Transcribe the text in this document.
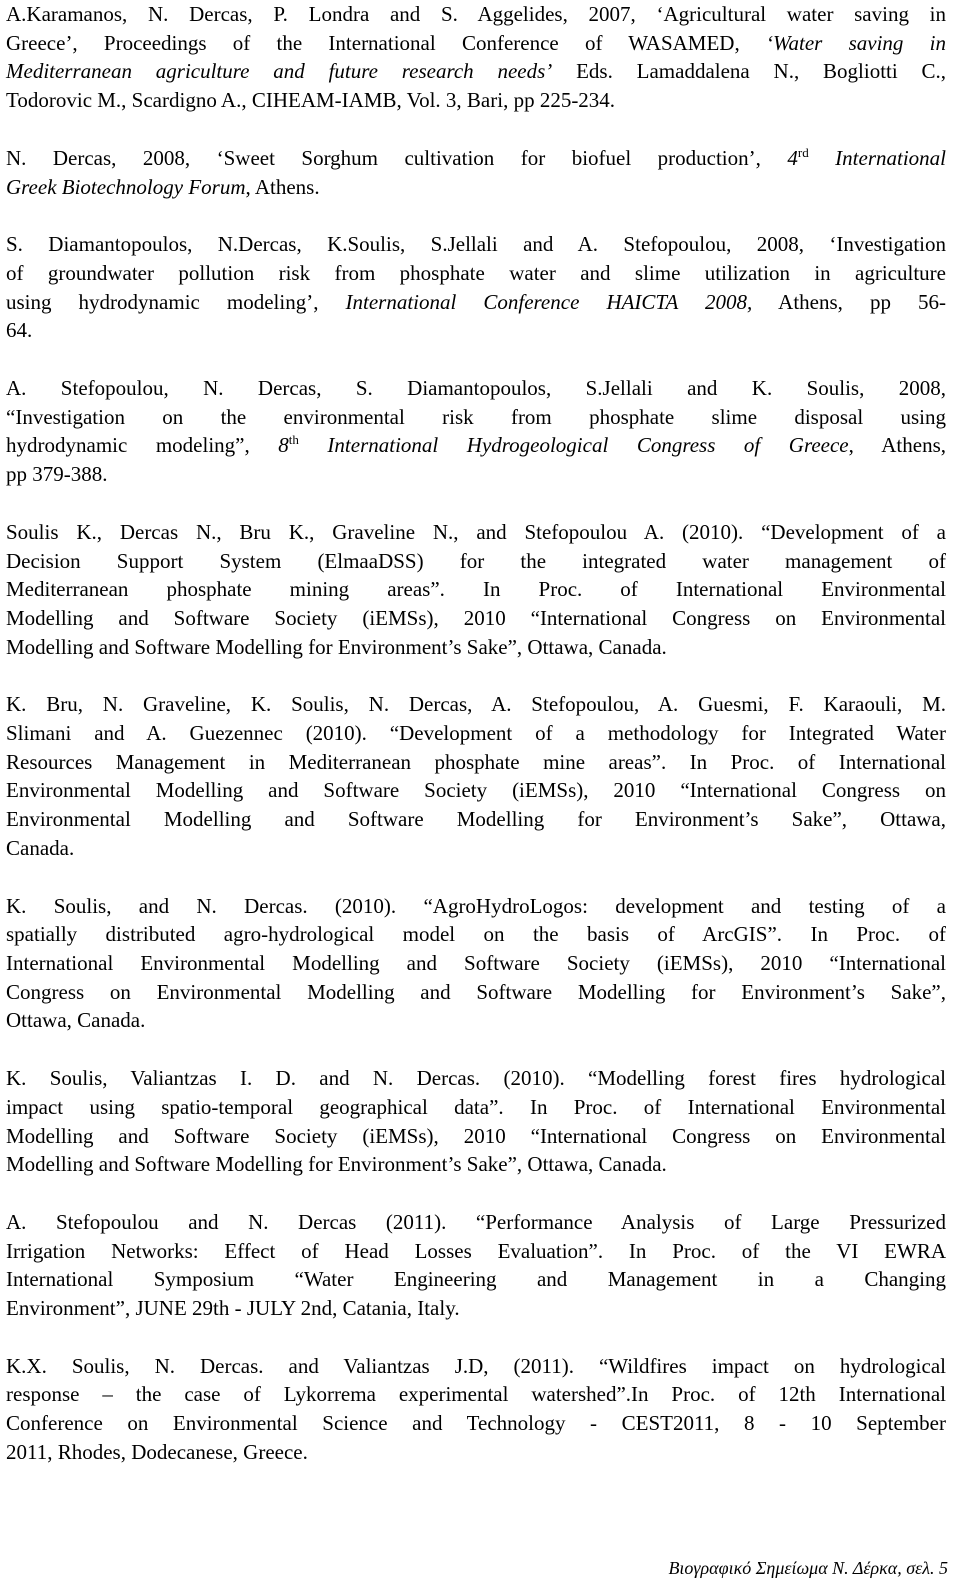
A.Karamanos, N. Dercas, P. Londra and S. Aggelides, 2007, ‘Agricultural water saving in
Greece’, Proceedings of the International Conference of WASAMED, ‘Water saving in
Mediterranean agriculture and future research needs’ Eds. Lamaddalena N., Bogliotti C.,
Todorovic M., Scardigno A., CIHEAM-IAMB, Vol. 3, Bari, pp 225-234.
N. Dercas, 2008, ‘Sweet Sorghum cultivation for biofuel production’, 4rd International
Greek Biotechnology Forum, Athens.
S. Diamantopoulos, N.Dercas, K.Soulis, S.Jellali and A. Stefopoulou, 2008, ‘Investigation
of groundwater pollution risk from phosphate water and slime utilization in agriculture
using hydrodynamic modeling’, International Conference HAICTA 2008, Athens, pp 56-
64.
A. Stefopoulou, N. Dercas, S. Diamantopoulos, S.Jellali and K. Soulis, 2008,
“Investigation on the environmental risk from phosphate slime disposal using
hydrodynamic modeling”, 8th International Hydrogeological Congress of Greece, Athens,
pp 379-388.
Soulis K., Dercas N., Bru K., Graveline N., and Stefopoulou A. (2010). “Development of a
Decision Support System (ElmaaDSS) for the integrated water management of
Mediterranean phosphate mining areas”. In Proc. of International Environmental
Modelling and Software Society (iEMSs), 2010 “International Congress on Environmental
Modelling and Software Modelling for Environment’s Sake”, Ottawa, Canada.
K. Bru, N. Graveline, K. Soulis, N. Dercas, A. Stefopoulou, A. Guesmi, F. Karaouli, M.
Slimani and A. Guezennec (2010). “Development of a methodology for Integrated Water
Resources Management in Mediterranean phosphate mine areas”. In Proc. of International
Environmental Modelling and Software Society (iEMSs), 2010 “International Congress on
Environmental Modelling and Software Modelling for Environment’s Sake”, Ottawa,
Canada.
K. Soulis, and N. Dercas. (2010). “AgroHydroLogos: development and testing of a
spatially distributed agro-hydrological model on the basis of ArcGIS”. In Proc. of
International Environmental Modelling and Software Society (iEMSs), 2010 “International
Congress on Environmental Modelling and Software Modelling for Environment’s Sake”,
Ottawa, Canada.
K. Soulis, Valiantzas I. D. and N. Dercas. (2010). “Modelling forest fires hydrological
impact using spatio-temporal geographical data”. In Proc. of International Environmental
Modelling and Software Society (iEMSs), 2010 “International Congress on Environmental
Modelling and Software Modelling for Environment’s Sake”, Ottawa, Canada.
A. Stefopoulou and N. Dercas (2011). “Performance Analysis of Large Pressurized
Irrigation Networks: Effect of Head Losses Evaluation”. In Proc. of the VI EWRA
International Symposium “Water Engineering and Management in a Changing
Environment”, JUNE 29th - JULY 2nd, Catania, Italy.
K.X. Soulis, N. Dercas. and Valiantzas J.D, (2011). “Wildfires impact on hydrological
response – the case of Lykorrema experimental watershed”.In Proc. of 12th International
Conference on Environmental Science and Technology - CEST2011, 8 - 10 September
2011, Rhodes, Dodecanese, Greece.
Βιογραφικό Σημείωμα Ν. Δέρκα, σελ. 5
